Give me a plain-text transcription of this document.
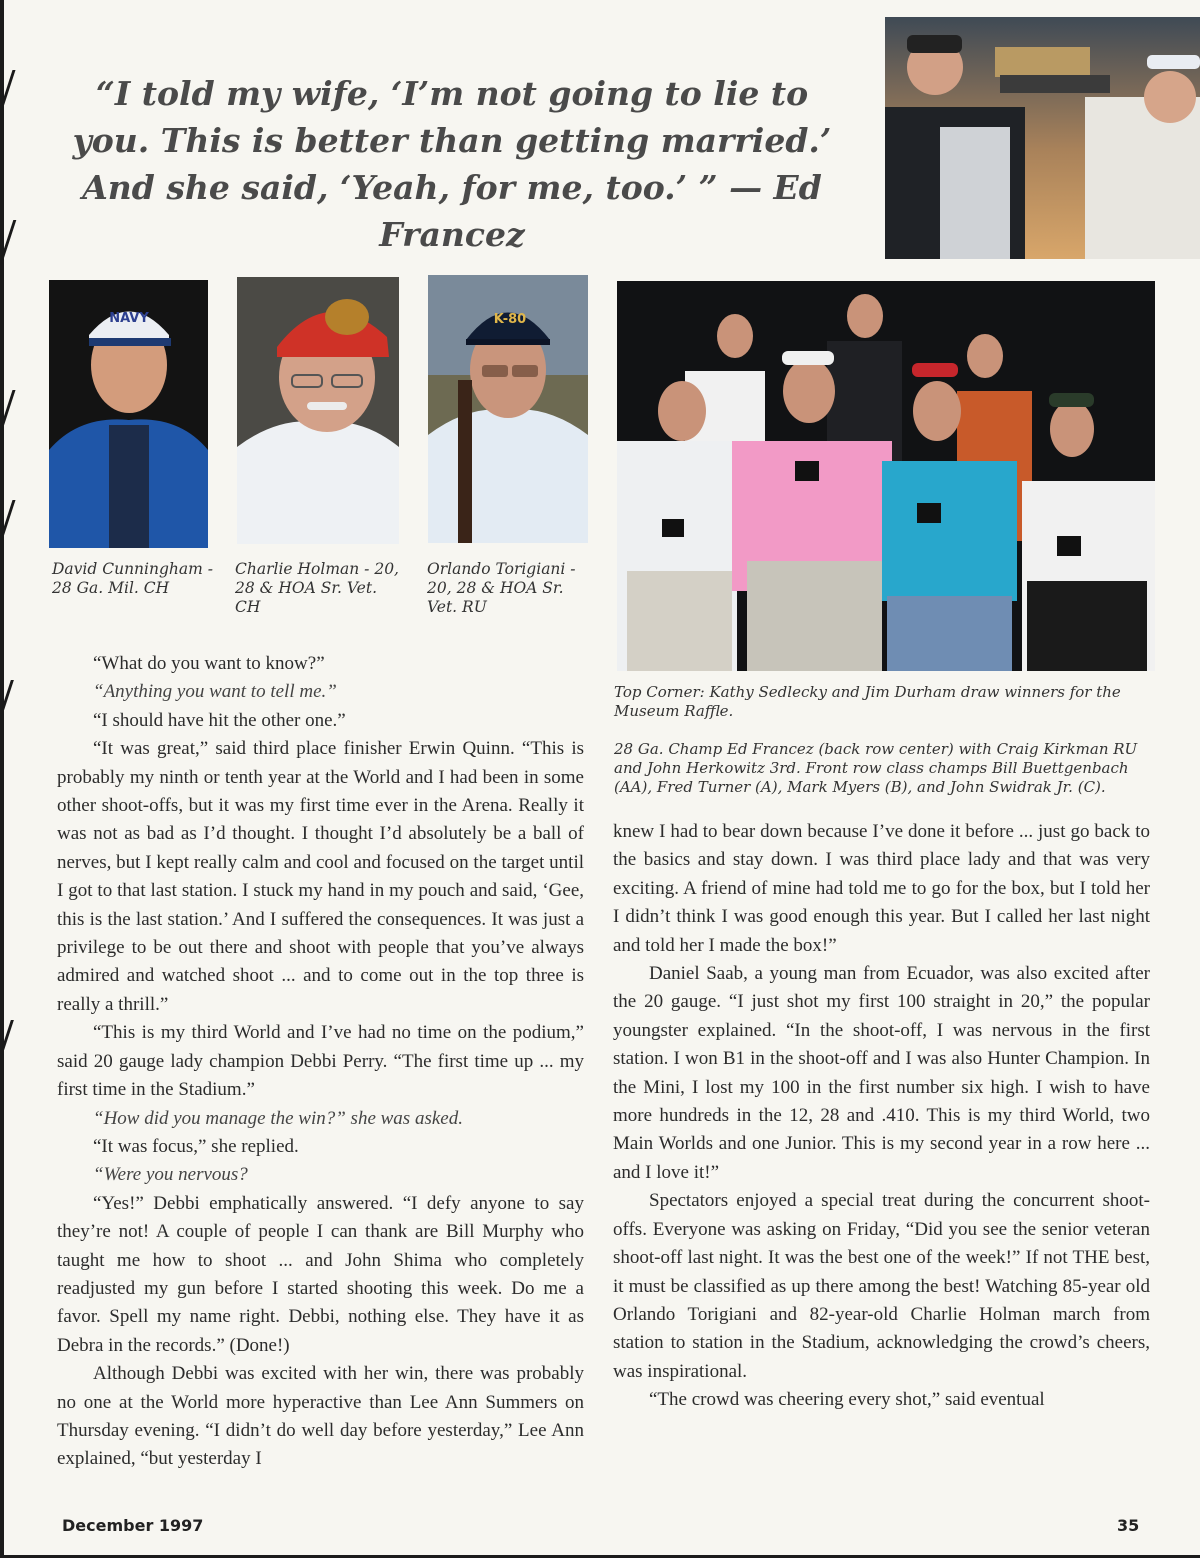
“I told my wife, ‘I’m not going to lie to you. This is better than getting married.’ And she said, ‘Yeah, for me, too.’ ” — Ed Francez
NAVY	K-80
David Cunningham - 28 Ga. Mil. CH
Charlie Holman - 20, 28 & HOA Sr. Vet. CH
Orlando Torigiani - 20, 28 & HOA Sr. Vet. RU
Top Corner: Kathy Sedlecky and Jim Durham draw winners for the Museum Raffle.
28 Ga. Champ Ed Francez (back row center) with Craig Kirkman RU and John Herkowitz 3rd. Front row class champs Bill Buettgenbach (AA), Fred Turner (A), Mark Myers (B), and John Swidrak Jr. (C).

“What do you want to know?”

“Anything you want to tell me.”

“I should have hit the other one.”

“It was great,” said third place finisher Erwin Quinn. “This is probably my ninth or tenth year at the World and I had been in some other shoot-offs, but it was my first time ever in the Arena. Really it was not as bad as I’d thought. I thought I’d absolutely be a ball of nerves, but I kept really calm and cool and focused on the target until I got to that last station. I stuck my hand in my pouch and said, ‘Gee, this is the last station.’ And I suffered the consequences. It was just a privilege to be out there and shoot with people that you’ve always admired and watched shoot ... and to come out in the top three is really a thrill.”

“This is my third World and I’ve had no time on the podium,” said 20 gauge lady champion Debbi Perry. “The first time up ... my first time in the Stadium.”

“How did you manage the win?” she was asked.

“It was focus,” she replied.

“Were you nervous?

“Yes!” Debbi emphatically answered. “I defy anyone to say they’re not! A couple of people I can thank are Bill Murphy who taught me how to shoot ... and John Shima who completely readjusted my gun before I started shooting this week. Do me a favor. Spell my name right. Debbi, nothing else. They have it as Debra in the records.” (Done!)

Although Debbi was excited with her win, there was probably no one at the World more hyperactive than Lee Ann Summers on Thursday evening. “I didn’t do well day before yesterday,” Lee Ann explained, “but yesterday I

knew I had to bear down because I’ve done it before ... just go back to the basics and stay down. I was third place lady and that was very exciting. A friend of mine had told me to go for the box, but I told her I didn’t think I was good enough this year. But I called her last night and told her I made the box!”

Daniel Saab, a young man from Ecuador, was also excited after the 20 gauge. “I just shot my first 100 straight in 20,” the popular youngster explained. “In the shoot-off, I was nervous in the first station. I won B1 in the shoot-off and I was also Hunter Champion. In the Mini, I lost my 100 in the first number six high. I wish to have more hundreds in the 12, 28 and .410. This is my third World, two Main Worlds and one Junior. This is my second year in a row here ... and I love it!”

Spectators enjoyed a special treat during the concurrent shoot-offs. Everyone was asking on Friday, “Did you see the senior veteran shoot-off last night. It was the best one of the week!” If not THE best, it must be classified as up there among the best! Watching 85-year old Orlando Torigiani and 82-year-old Charlie Holman march from station to station in the Stadium, acknowledging the crowd’s cheers, was inspirational.

“The crowd was cheering every shot,” said eventual

December 1997	35
